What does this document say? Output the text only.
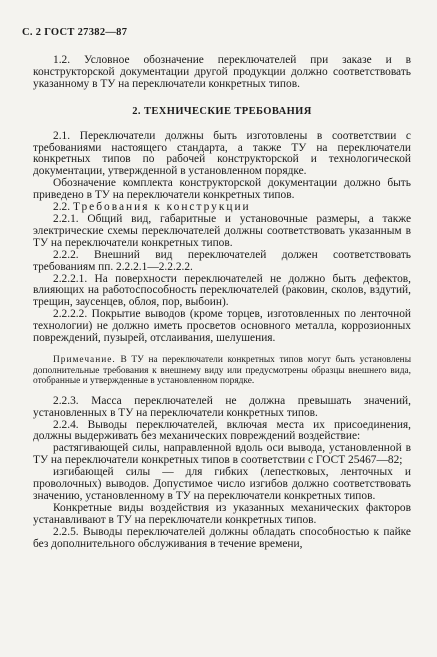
С. 2 ГОСТ 27382—87

1.2. Условное обозначение переключателей при заказе и в конструкторской документации другой продукции должно соответствовать указанному в ТУ на переключатели конкретных типов.

2. ТЕХНИЧЕСКИЕ ТРЕБОВАНИЯ

2.1. Переключатели должны быть изготовлены в соответствии с требованиями настоящего стандарта, а также ТУ на переключатели конкретных типов по рабочей конструкторской и технологической документации, утвержденной в установленном порядке.

Обозначение комплекта конструкторской документации должно быть приведено в ТУ на переключатели конкретных типов.

2.2. Требования к конструкции

2.2.1. Общий вид, габаритные и установочные размеры, а также электрические схемы переключателей должны соответствовать указанным в ТУ на переключатели конкретных типов.

2.2.2. Внешний вид переключателей должен соответствовать требованиям пп. 2.2.2.1—2.2.2.2.

2.2.2.1. На поверхности переключателей не должно быть дефектов, влияющих на работоспособность переключателей (раковин, сколов, вздутий, трещин, заусенцев, облоя, пор, выбоин).

2.2.2.2. Покрытие выводов (кроме торцев, изготовленных по ленточной технологии) не должно иметь просветов основного металла, коррозионных повреждений, пузырей, отслаивания, шелушения.

Примечание. В ТУ на переключатели конкретных типов могут быть установлены дополнительные требования к внешнему виду или предусмотрены образцы внешнего вида, отобранные и утвержденные в установленном порядке.

2.2.3. Масса переключателей не должна превышать значений, установленных в ТУ на переключатели конкретных типов.

2.2.4. Выводы переключателей, включая места их присоединения, должны выдерживать без механических повреждений воздействие:

растягивающей силы, направленной вдоль оси вывода, установленной в ТУ на переключатели конкретных типов в соответствии с ГОСТ 25467—82;

изгибающей силы — для гибких (лепестковых, ленточных и проволочных) выводов. Допустимое число изгибов должно соответствовать значению, установленному в ТУ на переключатели конкретных типов.

Конкретные виды воздействия из указанных механических факторов устанавливают в ТУ на переключатели конкретных типов.

2.2.5. Выводы переключателей должны обладать способностью к пайке без дополнительного обслуживания в течение времени,
